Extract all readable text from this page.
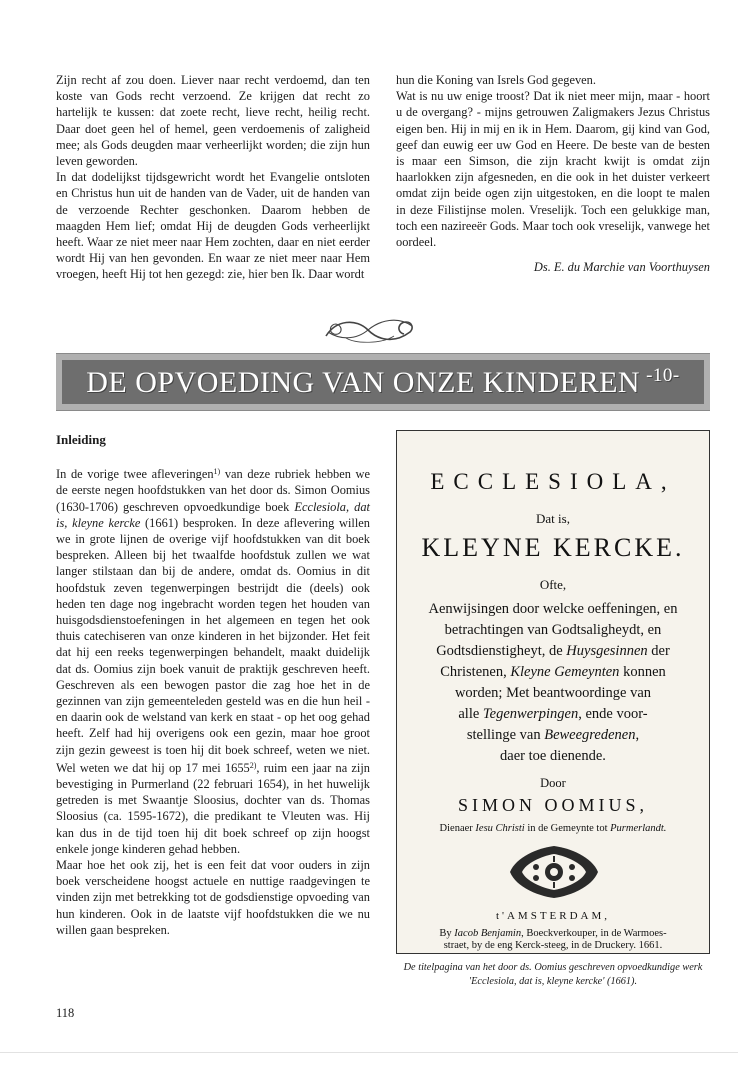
Zijn recht af zou doen. Liever naar recht verdoemd, dan ten koste van Gods recht verzoend. Ze krijgen dat recht zo hartelijk te kussen: dat zoete recht, lieve recht, heilig recht. Daar doet geen hel of hemel, geen verdoemenis of zaligheid mee; als Gods deugden maar verheerlijkt worden; die zijn hun leven geworden.

In dat dodelijkst tijdsgewricht wordt het Evangelie ontsloten en Christus hun uit de handen van de Vader, uit de handen van de verzoende Rechter geschonken. Daarom hebben de maagden Hem lief; omdat Hij de deugden Gods verheerlijkt heeft. Waar ze niet meer naar Hem zochten, daar en niet eerder wordt Hij van hen gevonden. En waar ze niet meer naar Hem vroegen, heeft Hij tot hen gezegd: zie, hier ben Ik. Daar wordt

hun die Koning van Isrels God gegeven.

Wat is nu uw enige troost? Dat ik niet meer mijn, maar - hoort u de overgang? - mijns getrouwen Zaligmakers Jezus Christus eigen ben. Hij in mij en ik in Hem. Daarom, gij kind van God, geef dan euwig eer uw God en Heere. De beste van de besten is maar een Simson, die zijn kracht kwijt is omdat zijn haarlokken zijn afgesneden, en die ook in het duister verkeert omdat zijn beide ogen zijn uitgestoken, en die loopt te malen in deze Filistijnse molen. Vreselijk. Toch een gelukkige man, toch een nazireeër Gods. Maar toch ook vreselijk, vanwege het oordeel.

Ds. E. du Marchie van Voorthuysen

DE OPVOEDING VAN ONZE KINDEREN $^{-10-}$
Inleiding

In de vorige twee afleveringen$^{1)}$ van deze rubriek hebben we de eerste negen hoofdstukken van het door ds. Simon Oomius (1630-1706) geschreven opvoedkundige boek Ecclesiola, dat is, kleyne kercke (1661) besproken. In deze aflevering willen we in grote lijnen de overige vijf hoofdstukken van dit boek bespreken. Alleen bij het twaalfde hoofdstuk zullen we wat langer stilstaan dan bij de andere, omdat ds. Oomius in dit hoofdstuk zeven tegenwerpingen bestrijdt die (deels) ook heden ten dage nog ingebracht worden tegen het houden van huisgodsdienstoefeningen in het algemeen en tegen het ook thuis catechiseren van onze kinderen in het bijzonder. Het feit dat hij een reeks tegenwerpingen behandelt, maakt duidelijk dat ds. Oomius zijn boek vanuit de praktijk geschreven heeft. Geschreven als een bewogen pastor die zag hoe het in de gezinnen van zijn gemeenteleden gesteld was en die hun heil - en daarin ook de welstand van kerk en staat - op het oog gehad heeft. Zelf had hij overigens ook een gezin, maar hoe groot zijn gezin geweest is toen hij dit boek schreef, weten we niet. Wel weten we dat hij op 17 mei 1655$^{2)}$, ruim een jaar na zijn bevestiging in Purmerland (22 februari 1654), in het huwelijk getreden is met Swaantje Sloosius, dochter van ds. Thomas Sloosius (ca. 1595-1672), die predikant te Vleuten was. Hij kan dus in de tijd toen hij dit boek schreef op zijn hoogst enkele jonge kinderen gehad hebben.

Maar hoe het ook zij, het is een feit dat voor ouders in zijn boek verscheidene hoogst actuele en nuttige raadgevingen te vinden zijn met betrekking tot de godsdienstige opvoeding van hun kinderen. Ook in de laatste vijf hoofdstukken die we nu willen gaan bespreken.

ECCLESIOLA,
Dat is,
KLEYNE KERCKE.
Ofte,
Aenwijsingen door welcke oeffeningen, en
betrachtingen van Godtsaligheydt, en
Godtsdienstigheyt, de Huysgesinnen der
Christenen, Kleyne Gemeynten konnen
worden; Met beantwoordinge van
alle Tegenwerpingen, ende voor-
stellinge van Beweegredenen,
daer toe dienende.
Door
SIMON OOMIUS,
Dienaer Iesu Christi in de Gemeynte tot Purmerlandt.
t'AMSTERDAM,
By Iacob Benjamin, Boeckverkouper, in de Warmoes-
straet, by de eng Kerck-steeg, in de Druckery. 1661.
De titelpagina van het door ds. Oomius geschreven opvoedkundige werk 'Ecclesiola, dat is, kleyne kercke' (1661).
118
